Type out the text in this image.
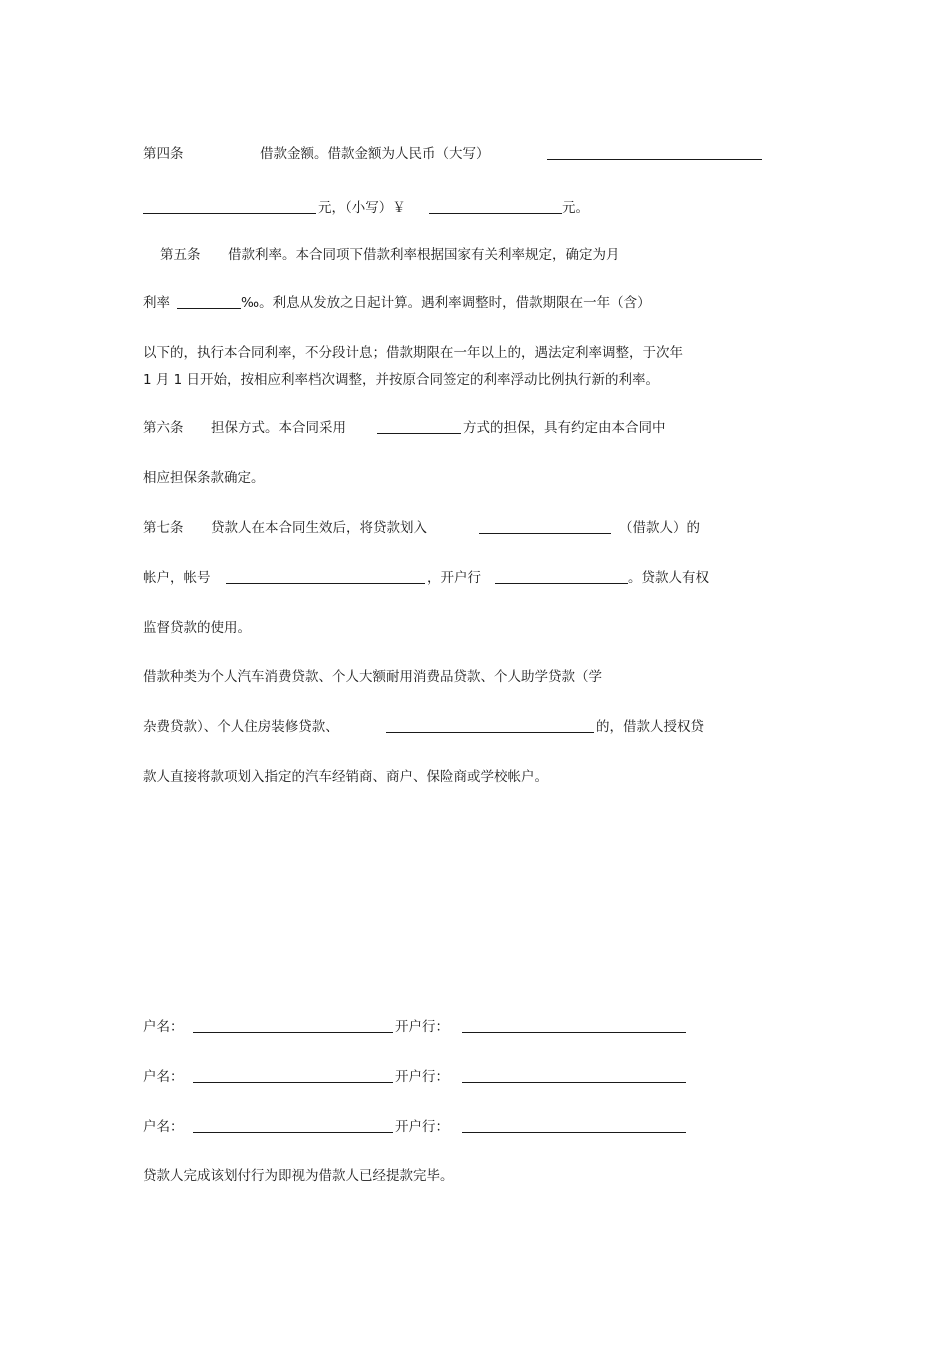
第四条	借款金额。借款金额为人民币（大写）
元，（小写）￥	元。
第五条 借款利率。本合同项下借款利率根据国家有关利率规定，确定为月
利率	‰。利息从发放之日起计算。遇利率调整时，借款期限在一年（含）
以下的，执行本合同利率，不分段计息；借款期限在一年以上的，遇法定利率调整，于次年
1 月 1 日开始，按相应利率档次调整，并按原合同签定的利率浮动比例执行新的利率。
第六条 担保方式。本合同采用	方式的担保，具有约定由本合同中
相应担保条款确定。
第七条 贷款人在本合同生效后，将贷款划入	（借款人）的
帐户，帐号	，开户行	。贷款人有权
监督贷款的使用。
借款种类为个人汽车消费贷款、个人大额耐用消费品贷款、个人助学贷款（学
杂费贷款）、个人住房装修贷款、	的，借款人授权贷
款人直接将款项划入指定的汽车经销商、商户、保险商或学校帐户。
户名：	开户行：
户名：	开户行：
户名：	开户行：
贷款人完成该划付行为即视为借款人已经提款完毕。
